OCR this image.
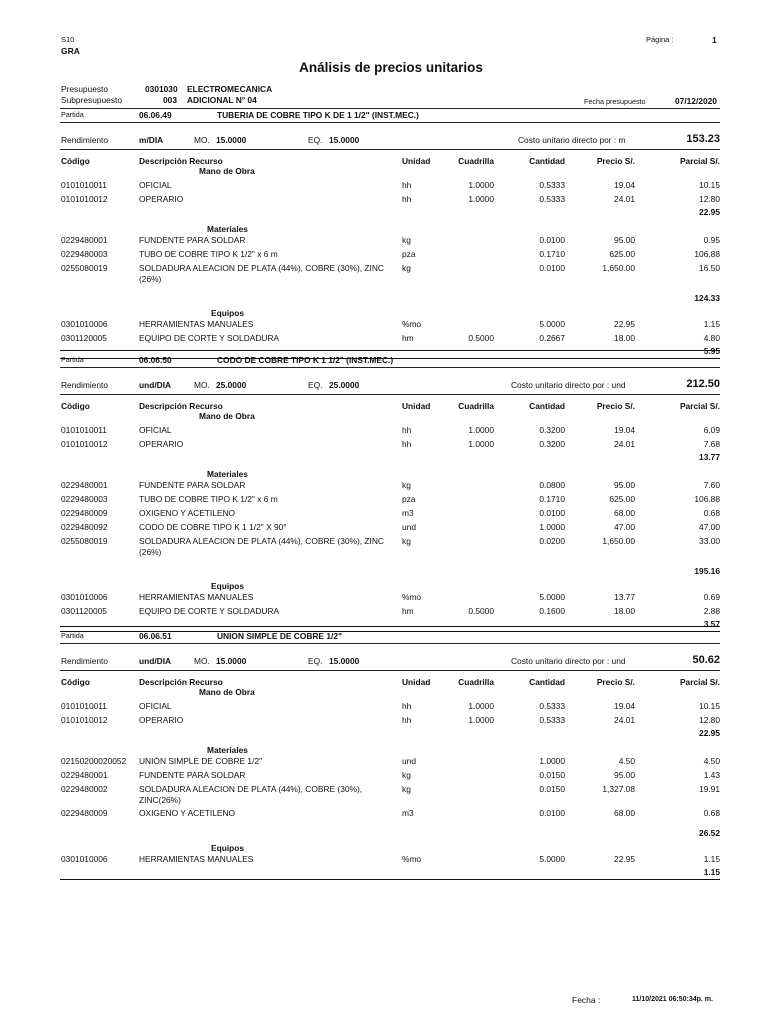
S10
GRA
Página :	1
Análisis de precios unitarios
Presupuesto	0301030 ELECTROMECANICA
Subpresupuesto	003 ADICIONAL N° 04	Fecha presupuesto	07/12/2020
Partida	06.06.49	TUBERIA DE COBRE TIPO K DE 1 1/2" (INST.MEC.)
Rendimiento	m/DIA	MO. 15.0000	EQ. 15.0000	Costo unitario directo por : m	153.23
Código	Descripción Recurso	Unidad	Cuadrilla	Cantidad	Precio S/.	Parcial S/.
Mano de Obra
0101010011	OFICIAL	hh	1.0000	0.5333	19.04	10.15
0101010012	OPERARIO	hh	1.0000	0.5333	24.01	12.80
22.95
Materiales
0229480001	FUNDENTE PARA SOLDAR	kg	0.0100	95.00	0.95
0229480003	TUBO DE COBRE TIPO K 1/2" x 6 m	pza	0.1710	625.00	106.88
0255080019	SOLDADURA ALEACION DE PLATA (44%), COBRE (30%), ZINC (26%)
kg	0.0100	1,650.00	16.50
124.33
Equipos
0301010006	HERRAMIENTAS MANUALES	%mo	5.0000	22.95	1.15
0301120005	EQUIPO DE CORTE Y SOLDADURA	hm	0.5000	0.2667	18.00	4.80
5.95
Partida	06.06.50	CODO DE COBRE TIPO K 1 1/2" (INST.MEC.)
Rendimiento	und/DIA	MO. 25.0000	EQ. 25.0000	Costo unitario directo por : und	212.50
Código	Descripción Recurso	Unidad	Cuadrilla	Cantidad	Precio S/.	Parcial S/.
Mano de Obra
0101010011	OFICIAL	hh	1.0000	0.3200	19.04	6.09
0101010012	OPERARIO	hh	1.0000	0.3200	24.01	7.68
13.77
Materiales
0229480001	FUNDENTE PARA SOLDAR	kg	0.0800	95.00	7.60
0229480003	TUBO DE COBRE TIPO K 1/2" x 6 m	pza	0.1710	625.00	106.88
0229480009	OXIGENO Y ACETILENO	m3	0.0100	68.00	0.68
0229480092	CODO DE COBRE TIPO K 1 1/2" X 90°	und	1.0000	47.00	47.00
0255080019	SOLDADURA ALEACION DE PLATA (44%), COBRE (30%), ZINC (26%)
kg	0.0200	1,650.00	33.00
195.16
Equipos
0301010006	HERRAMIENTAS MANUALES	%mo	5.0000	13.77	0.69
0301120005	EQUIPO DE CORTE Y SOLDADURA	hm	0.5000	0.1600	18.00	2.88
3.57
Partida	06.06.51	UNION SIMPLE DE COBRE 1/2"
Rendimiento	und/DIA	MO. 15.0000	EQ. 15.0000	Costo unitario directo por : und	50.62
Código	Descripción Recurso	Unidad	Cuadrilla	Cantidad	Precio S/.	Parcial S/.
Mano de Obra
0101010011	OFICIAL	hh	1.0000	0.5333	19.04	10.15
0101010012	OPERARIO	hh	1.0000	0.5333	24.01	12.80
22.95
Materiales
02150200020052 UNIÓN SIMPLE DE COBRE 1/2"	und	1.0000	4.50	4.50
0229480001	FUNDENTE PARA SOLDAR	kg	0.0150	95.00	1.43
0229480002	SOLDADURA ALEACION DE PLATA (44%), COBRE (30%), ZINC(26%)
kg	0.0150	1,327.08	19.91
0229480009	OXIGENO Y ACETILENO	m3	0.0100	68.00	0.68
26.52
Equipos
0301010006	HERRAMIENTAS MANUALES	%mo	5.0000	22.95	1.15
1.15
Fecha :	11/10/2021 06:50:34p. m.
